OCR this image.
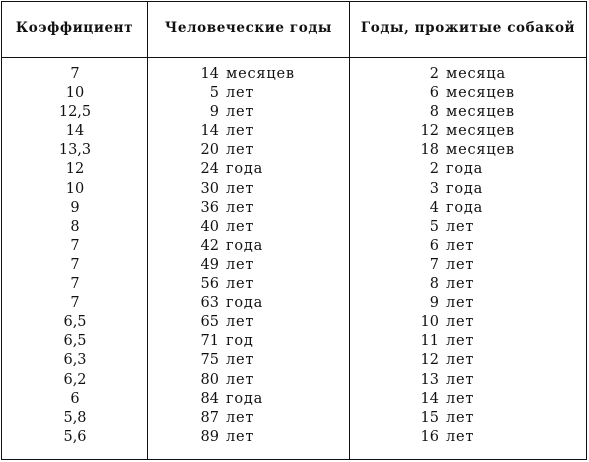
Коэффициент	Человеческие годы	Годы, прожитые собакой
7	14 месяцев	2 месяца
10	5 лет	6 месяцев
12,5	9 лет	8 месяцев
14	14 лет	12 месяцев
13,3	20 лет	18 месяцев
12	24 года	2 года
10	30 лет	3 года
9	36 лет	4 года
8	40 лет	5 лет
7	42 года	6 лет
7	49 лет	7 лет
7	56 лет	8 лет
7	63 года	9 лет
6,5	65 лет	10 лет
6,5	71 год	11 лет
6,3	75 лет	12 лет
6,2	80 лет	13 лет
6	84 года	14 лет
5,8	87 лет	15 лет
5,6	89 лет	16 лет
